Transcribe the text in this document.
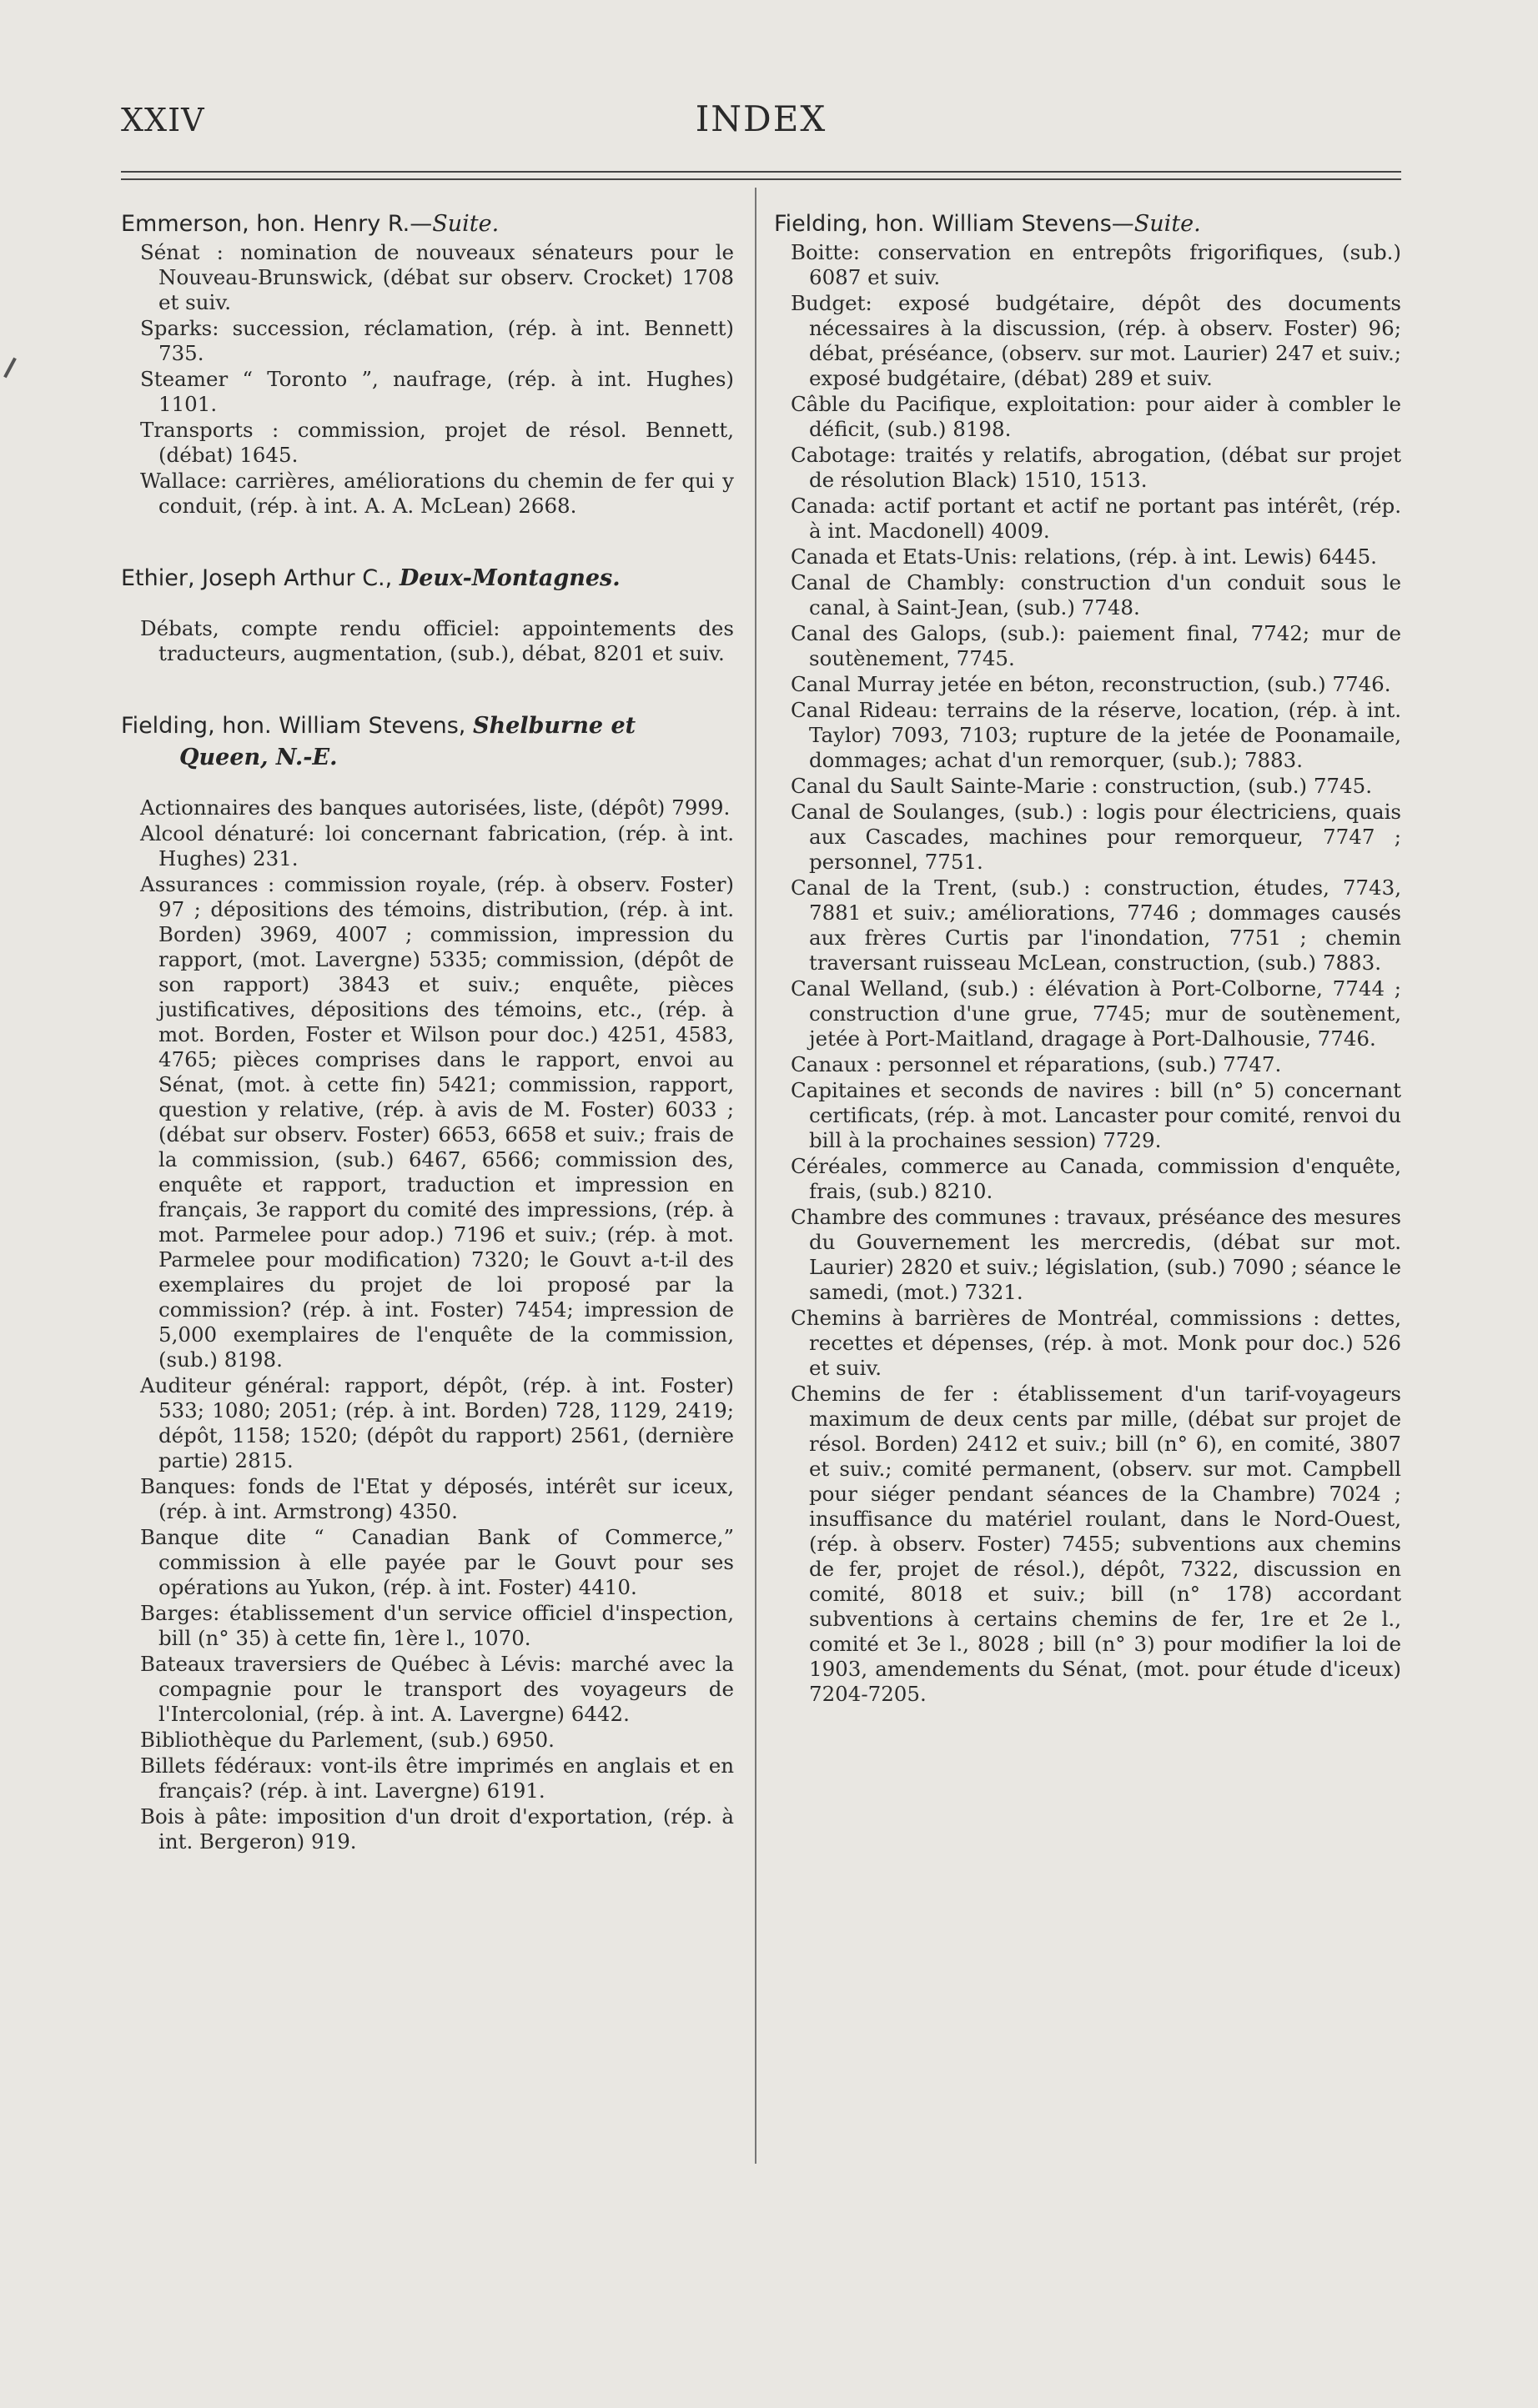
XXIV	INDEX
Emmerson, hon. Henry R.—Suite.
Sénat : nomination de nouveaux sénateurs pour le Nouveau-Brunswick, (débat sur observ. Crocket) 1708 et suiv.
Sparks: succession, réclamation, (rép. à int. Bennett) 735.
Steamer “ Toronto ”, naufrage, (rép. à int. Hughes) 1101.
Transports : commission, projet de résol. Bennett, (débat) 1645.
Wallace: carrières, améliorations du chemin de fer qui y conduit, (rép. à int. A. A. McLean) 2668.
Ethier, Joseph Arthur C., Deux-Montagnes.
Débats, compte rendu officiel: appointements des traducteurs, augmentation, (sub.), débat, 8201 et suiv.
Fielding, hon. William Stevens, Shelburne et
Queen, N.-E.
Actionnaires des banques autorisées, liste, (dépôt) 7999.
Alcool dénaturé: loi concernant fabrication, (rép. à int. Hughes) 231.
Assurances : commission royale, (rép. à observ. Foster) 97 ; dépositions des témoins, distribution, (rép. à int. Borden) 3969, 4007 ; commission, impression du rapport, (mot. Lavergne) 5335; commission, (dépôt de son rapport) 3843 et suiv.; enquête, pièces justificatives, dépositions des témoins, etc., (rép. à mot. Borden, Foster et Wilson pour doc.) 4251, 4583, 4765; pièces comprises dans le rapport, envoi au Sénat, (mot. à cette fin) 5421; commission, rapport, question y relative, (rép. à avis de M. Foster) 6033 ; (débat sur observ. Foster) 6653, 6658 et suiv.; frais de la commission, (sub.) 6467, 6566; commission des, enquête et rapport, traduction et impression en français, 3e rapport du comité des impressions, (rép. à mot. Parmelee pour adop.) 7196 et suiv.; (rép. à mot. Parmelee pour modification) 7320; le Gouvt a-t-il des exemplaires du projet de loi proposé par la commission? (rép. à int. Foster) 7454; impression de 5,000 exemplaires de l'enquête de la commission, (sub.) 8198.
Auditeur général: rapport, dépôt, (rép. à int. Foster) 533; 1080; 2051; (rép. à int. Borden) 728, 1129, 2419; dépôt, 1158; 1520; (dépôt du rapport) 2561, (dernière partie) 2815.
Banques: fonds de l'Etat y déposés, intérêt sur iceux, (rép. à int. Armstrong) 4350.
Banque dite “ Canadian Bank of Commerce,” commission à elle payée par le Gouvt pour ses opérations au Yukon, (rép. à int. Foster) 4410.
Barges: établissement d'un service officiel d'inspection, bill (n° 35) à cette fin, 1ère l., 1070.
Bateaux traversiers de Québec à Lévis: marché avec la compagnie pour le transport des voyageurs de l'Intercolonial, (rép. à int. A. Lavergne) 6442.
Bibliothèque du Parlement, (sub.) 6950.
Billets fédéraux: vont-ils être imprimés en anglais et en français? (rép. à int. Lavergne) 6191.
Bois à pâte: imposition d'un droit d'exportation, (rép. à int. Bergeron) 919.
Fielding, hon. William Stevens—Suite.
Boitte: conservation en entrepôts frigorifiques, (sub.) 6087 et suiv.
Budget: exposé budgétaire, dépôt des documents nécessaires à la discussion, (rép. à observ. Foster) 96; débat, préséance, (observ. sur mot. Laurier) 247 et suiv.; exposé budgétaire, (débat) 289 et suiv.
Câble du Pacifique, exploitation: pour aider à combler le déficit, (sub.) 8198.
Cabotage: traités y relatifs, abrogation, (débat sur projet de résolution Black) 1510, 1513.
Canada: actif portant et actif ne portant pas intérêt, (rép. à int. Macdonell) 4009.
Canada et Etats-Unis: relations, (rép. à int. Lewis) 6445.
Canal de Chambly: construction d'un conduit sous le canal, à Saint-Jean, (sub.) 7748.
Canal des Galops, (sub.): paiement final, 7742; mur de soutènement, 7745.
Canal Murray jetée en béton, reconstruction, (sub.) 7746.
Canal Rideau: terrains de la réserve, location, (rép. à int. Taylor) 7093, 7103; rupture de la jetée de Poonamaile, dommages; achat d'un remorquer, (sub.); 7883.
Canal du Sault Sainte-Marie : construction, (sub.) 7745.
Canal de Soulanges, (sub.) : logis pour électriciens, quais aux Cascades, machines pour remorqueur, 7747 ; personnel, 7751.
Canal de la Trent, (sub.) : construction, études, 7743, 7881 et suiv.; améliorations, 7746 ; dommages causés aux frères Curtis par l'inondation, 7751 ; chemin traversant ruisseau McLean, construction, (sub.) 7883.
Canal Welland, (sub.) : élévation à Port-Colborne, 7744 ; construction d'une grue, 7745; mur de soutènement, jetée à Port-Maitland, dragage à Port-Dalhousie, 7746.
Canaux : personnel et réparations, (sub.) 7747.
Capitaines et seconds de navires : bill (n° 5) concernant certificats, (rép. à mot. Lancaster pour comité, renvoi du bill à la prochaines session) 7729.
Céréales, commerce au Canada, commission d'enquête, frais, (sub.) 8210.
Chambre des communes : travaux, préséance des mesures du Gouvernement les mercredis, (débat sur mot. Laurier) 2820 et suiv.; législation, (sub.) 7090 ; séance le samedi, (mot.) 7321.
Chemins à barrières de Montréal, commissions : dettes, recettes et dépenses, (rép. à mot. Monk pour doc.) 526 et suiv.
Chemins de fer : établissement d'un tarif-voyageurs maximum de deux cents par mille, (débat sur projet de résol. Borden) 2412 et suiv.; bill (n° 6), en comité, 3807 et suiv.; comité permanent, (observ. sur mot. Campbell pour siéger pendant séances de la Chambre) 7024 ; insuffisance du matériel roulant, dans le Nord-Ouest, (rép. à observ. Foster) 7455; subventions aux chemins de fer, projet de résol.), dépôt, 7322, discussion en comité, 8018 et suiv.; bill (n° 178) accordant subventions à certains chemins de fer, 1re et 2e l., comité et 3e l., 8028 ; bill (n° 3) pour modifier la loi de 1903, amendements du Sénat, (mot. pour étude d'iceux) 7204-7205.
